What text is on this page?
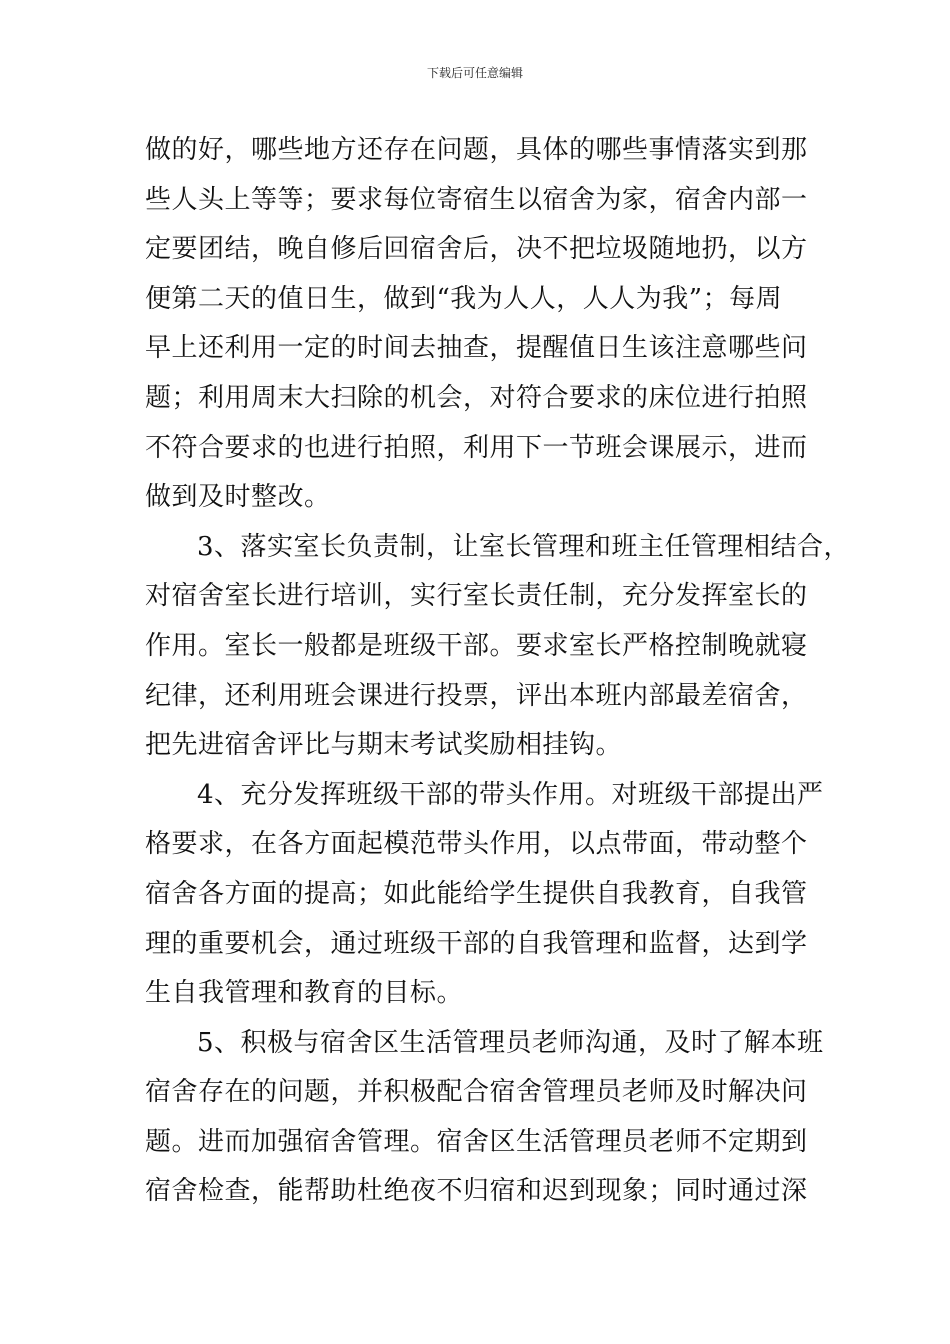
下载后可任意编辑
做的好，哪些地方还存在问题，具体的哪些事情落实到那
些人头上等等；要求每位寄宿生以宿舍为家，宿舍内部一
定要团结，晚自修后回宿舍后，决不把垃圾随地扔，以方
便第二天的值日生，做到“我为人人，人人为我”；每周
早上还利用一定的时间去抽查，提醒值日生该注意哪些问
题；利用周末大扫除的机会，对符合要求的床位进行拍照
不符合要求的也进行拍照，利用下一节班会课展示，进而
做到及时整改。
3、落实室长负责制，让室长管理和班主任管理相结合，
对宿舍室长进行培训，实行室长责任制，充分发挥室长的
作用。室长一般都是班级干部。要求室长严格控制晚就寝
纪律，还利用班会课进行投票，评出本班内部最差宿舍，
把先进宿舍评比与期末考试奖励相挂钩。
4、充分发挥班级干部的带头作用。对班级干部提出严
格要求，在各方面起模范带头作用，以点带面，带动整个
宿舍各方面的提高；如此能给学生提供自我教育，自我管
理的重要机会，通过班级干部的自我管理和监督，达到学
生自我管理和教育的目标。
5、积极与宿舍区生活管理员老师沟通，及时了解本班
宿舍存在的问题，并积极配合宿舍管理员老师及时解决问
题。进而加强宿舍管理。宿舍区生活管理员老师不定期到
宿舍检查，能帮助杜绝夜不归宿和迟到现象；同时通过深
